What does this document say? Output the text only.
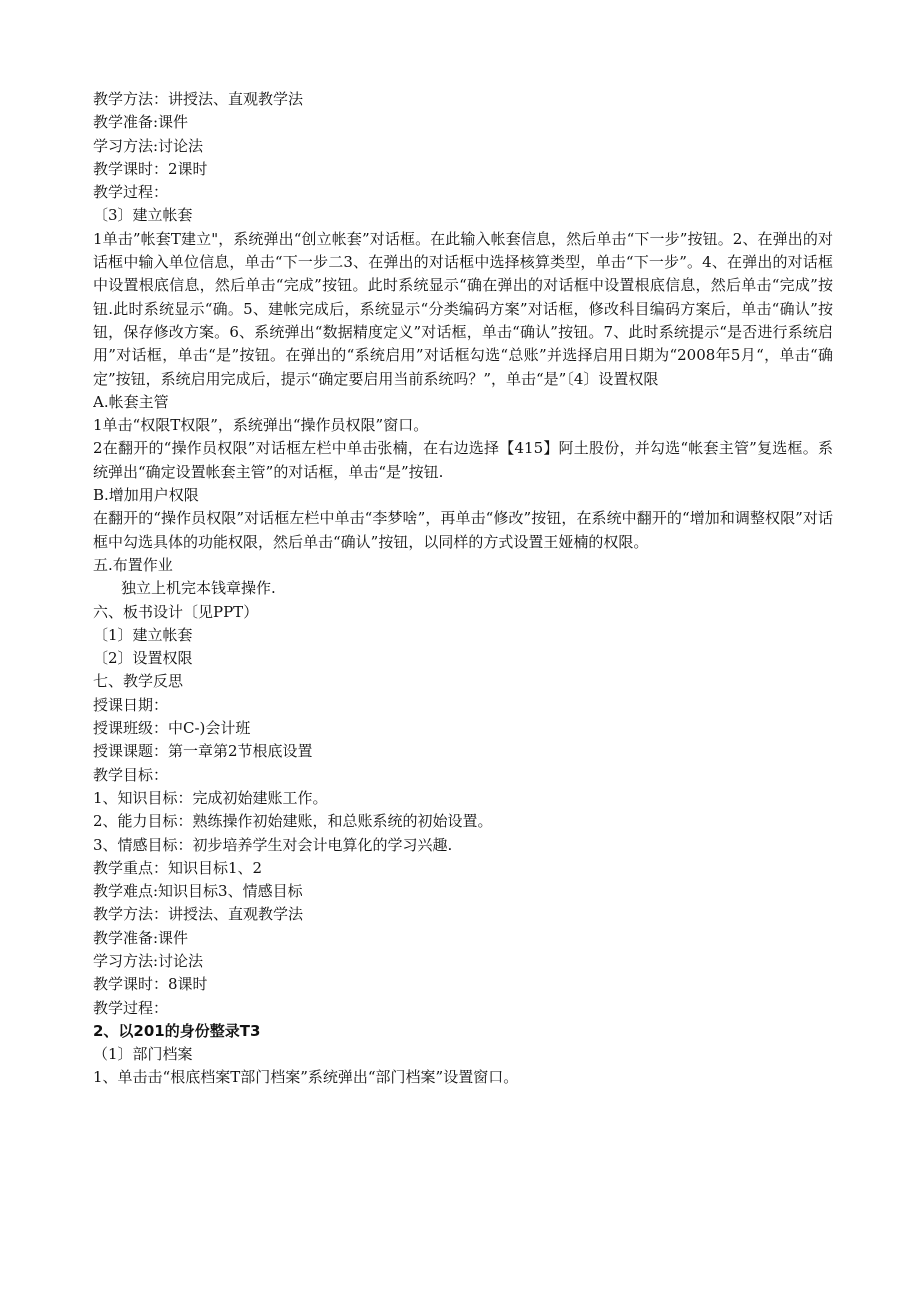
教学方法：讲授法、直观教学法
教学准备:课件
学习方法:讨论法
教学课时：2课时
教学过程：
〔3〕建立帐套

1单击”帐套T建立"，系统弹出“创立帐套”对话框。在此输入帐套信息，然后单击“下一步”按钮。2、在弹出的对话框中输入单位信息，单击“下一步二3、在弹出的对话框中选择核算类型，单击“下一步”。4、在弹出的对话框中设置根底信息，然后单击“完成”按钮。此时系统显示“确在弹出的对话框中设置根底信息，然后单击“完成”按钮.此时系统显示“确。5、建帐完成后，系统显示“分类编码方案”对话框，修改科目编码方案后，单击“确认”按钮，保存修改方案。6、系统弹出“数据精度定义”对话框，单击“确认”按钮。7、此时系统提示“是否进行系统启用”对话框，单击“是”按钮。在弹出的“系统启用”对话框勾选“总账”并选择启用日期为“2008年5月“，单击“确定”按钮，系统启用完成后，提示“确定要启用当前系统吗？”，单击“是”〔4〕设置权限

A.帐套主管
1单击“权限T权限”，系统弹出“操作员权限”窗口。

2在翻开的“操作员权限”对话框左栏中单击张楠，在右边选择【415】阿土股份，并勾选“帐套主管”复选框。系统弹出“确定设置帐套主管”的对话框，单击“是”按钮.

B.增加用户权限

在翻开的“操作员权限”对话框左栏中单击“李梦啥”，再单击“修改”按钮，在系统中翻开的“增加和调整权限”对话框中勾选具体的功能权限，然后单击“确认”按钮，以同样的方式设置王娅楠的权限。

五.布置作业
独立上机完本钱章操作.
六、板书设计〔见PPT）
〔1〕建立帐套
〔2〕设置权限
七、教学反思
授课日期：
授课班级：中C-)会计班
授课课题：第一章第2节根底设置
教学目标：
1、知识目标：完成初始建账工作。
2、能力目标：熟练操作初始建账，和总账系统的初始设置。
3、情感目标：初步培养学生对会计电算化的学习兴趣.
教学重点：知识目标1、2
教学难点:知识目标3、情感目标
教学方法：讲授法、直观教学法
教学准备:课件
学习方法:讨论法
教学课时：8课时
教学过程：
2、以201的身份整录T3
（1〕部门档案
1、单击击“根底档案T部门档案”系统弹出“部门档案”设置窗口。
